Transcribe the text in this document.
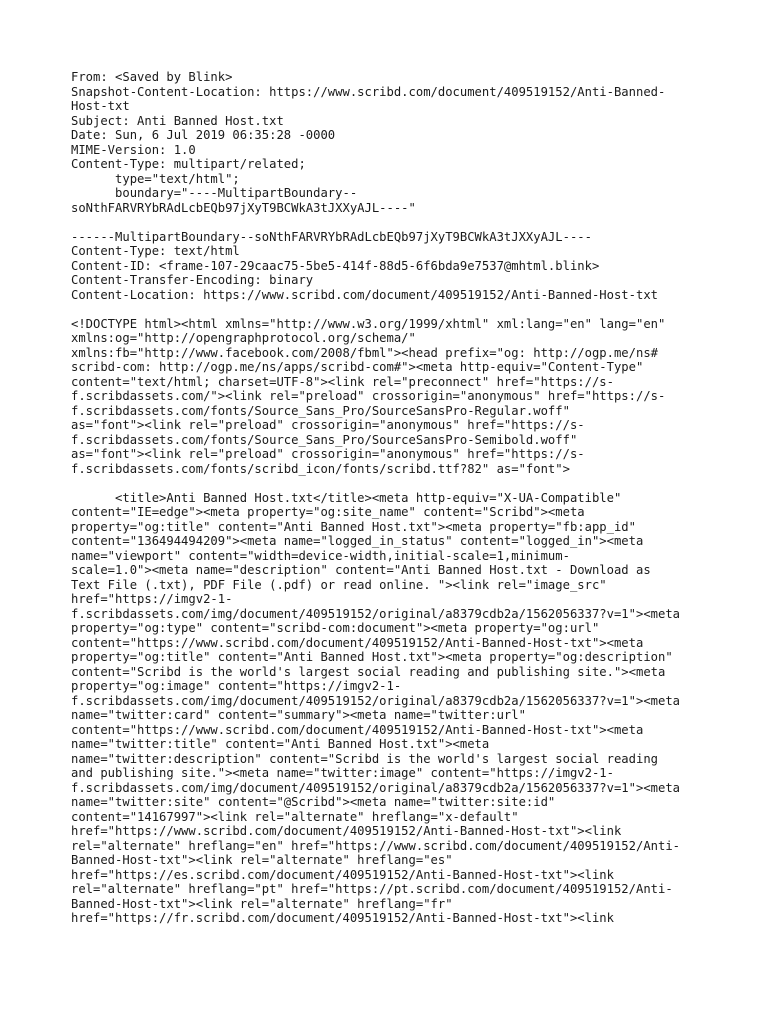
From: <Saved by Blink>
Snapshot-Content-Location: https://www.scribd.com/document/409519152/Anti-Banned-
Host-txt
Subject: Anti Banned Host.txt
Date: Sun, 6 Jul 2019 06:35:28 -0000
MIME-Version: 1.0
Content-Type: multipart/related;
type="text/html";
boundary="----MultipartBoundary--
soNthFARVRYbRAdLcbEQb97jXyT9BCWkA3tJXXyAJL----"
------MultipartBoundary--soNthFARVRYbRAdLcbEQb97jXyT9BCWkA3tJXXyAJL----
Content-Type: text/html
Content-ID: <frame-107-29caac75-5be5-414f-88d5-6f6bda9e7537@mhtml.blink>
Content-Transfer-Encoding: binary
Content-Location: https://www.scribd.com/document/409519152/Anti-Banned-Host-txt
<!DOCTYPE html><html xmlns="http://www.w3.org/1999/xhtml" xml:lang="en" lang="en"
xmlns:og="http://opengraphprotocol.org/schema/"
xmlns:fb="http://www.facebook.com/2008/fbml"><head prefix="og: http://ogp.me/ns#
scribd-com: http://ogp.me/ns/apps/scribd-com#"><meta http-equiv="Content-Type"
content="text/html; charset=UTF-8"><link rel="preconnect" href="https://s-
f.scribdassets.com/"><link rel="preload" crossorigin="anonymous" href="https://s-
f.scribdassets.com/fonts/Source_Sans_Pro/SourceSansPro-Regular.woff"
as="font"><link rel="preload" crossorigin="anonymous" href="https://s-
f.scribdassets.com/fonts/Source_Sans_Pro/SourceSansPro-Semibold.woff"
as="font"><link rel="preload" crossorigin="anonymous" href="https://s-
f.scribdassets.com/fonts/scribd_icon/fonts/scribd.ttf?82" as="font">
<title>Anti Banned Host.txt</title><meta http-equiv="X-UA-Compatible"
content="IE=edge"><meta property="og:site_name" content="Scribd"><meta
property="og:title" content="Anti Banned Host.txt"><meta property="fb:app_id"
content="136494494209"><meta name="logged_in_status" content="logged_in"><meta
name="viewport" content="width=device-width,initial-scale=1,minimum-
scale=1.0"><meta name="description" content="Anti Banned Host.txt - Download as
Text File (.txt), PDF File (.pdf) or read online. "><link rel="image_src"
href="https://imgv2-1-
f.scribdassets.com/img/document/409519152/original/a8379cdb2a/1562056337?v=1"><meta
property="og:type" content="scribd-com:document"><meta property="og:url"
content="https://www.scribd.com/document/409519152/Anti-Banned-Host-txt"><meta
property="og:title" content="Anti Banned Host.txt"><meta property="og:description"
content="Scribd is the world's largest social reading and publishing site."><meta
property="og:image" content="https://imgv2-1-
f.scribdassets.com/img/document/409519152/original/a8379cdb2a/1562056337?v=1"><meta
name="twitter:card" content="summary"><meta name="twitter:url"
content="https://www.scribd.com/document/409519152/Anti-Banned-Host-txt"><meta
name="twitter:title" content="Anti Banned Host.txt"><meta
name="twitter:description" content="Scribd is the world's largest social reading
and publishing site."><meta name="twitter:image" content="https://imgv2-1-
f.scribdassets.com/img/document/409519152/original/a8379cdb2a/1562056337?v=1"><meta
name="twitter:site" content="@Scribd"><meta name="twitter:site:id"
content="14167997"><link rel="alternate" hreflang="x-default"
href="https://www.scribd.com/document/409519152/Anti-Banned-Host-txt"><link
rel="alternate" hreflang="en" href="https://www.scribd.com/document/409519152/Anti-
Banned-Host-txt"><link rel="alternate" hreflang="es"
href="https://es.scribd.com/document/409519152/Anti-Banned-Host-txt"><link
rel="alternate" hreflang="pt" href="https://pt.scribd.com/document/409519152/Anti-
Banned-Host-txt"><link rel="alternate" hreflang="fr"
href="https://fr.scribd.com/document/409519152/Anti-Banned-Host-txt"><link
